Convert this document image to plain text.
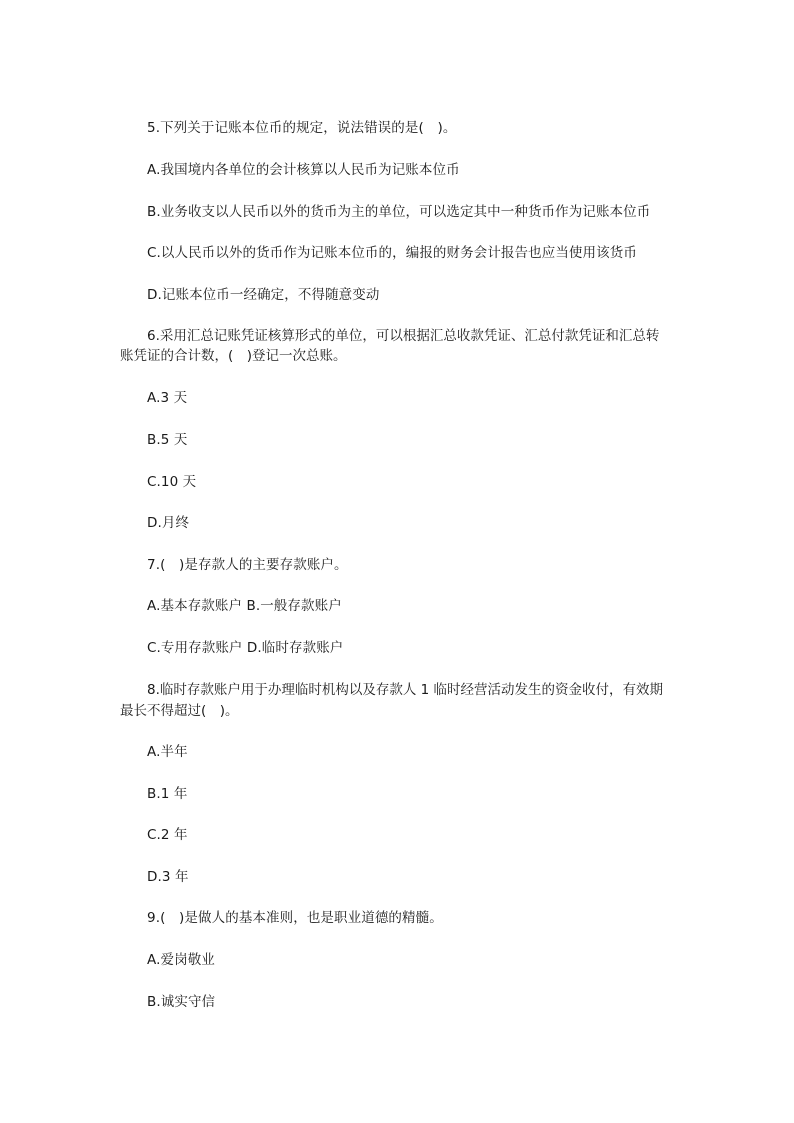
5.下列关于记账本位币的规定，说法错误的是(　)。
A.我国境内各单位的会计核算以人民币为记账本位币
B.业务收支以人民币以外的货币为主的单位，可以选定其中一种货币作为记账本位币
C.以人民币以外的货币作为记账本位币的，编报的财务会计报告也应当使用该货币
D.记账本位币一经确定，不得随意变动
6.采用汇总记账凭证核算形式的单位，可以根据汇总收款凭证、汇总付款凭证和汇总转
账凭证的合计数，(　)登记一次总账。
A.3 天
B.5 天
C.10 天
D.月终
7.(　)是存款人的主要存款账户。
A.基本存款账户 B.一般存款账户
C.专用存款账户 D.临时存款账户
8.临时存款账户用于办理临时机构以及存款人 1 临时经营活动发生的资金收付，有效期
最长不得超过(　)。
A.半年
B.1 年
C.2 年
D.3 年
9.(　)是做人的基本准则，也是职业道德的精髓。
A.爱岗敬业
B.诚实守信
